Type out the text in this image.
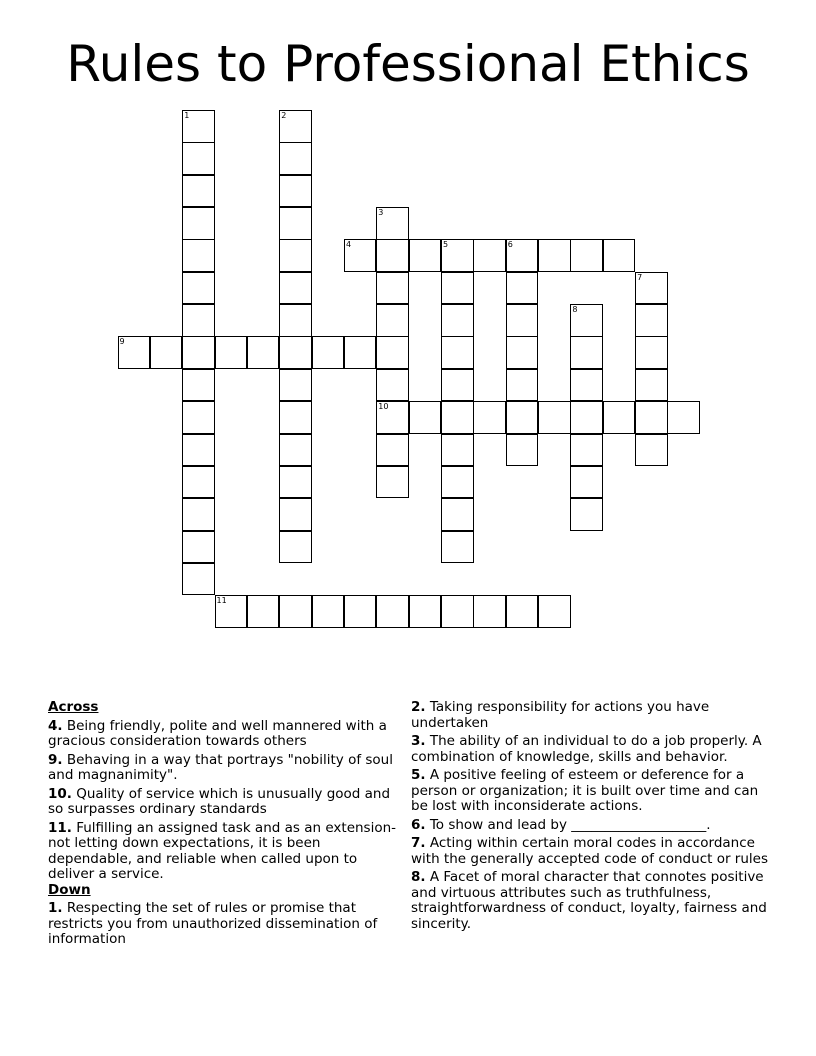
Rules to Professional Ethics
1	2
3
10
4	5	6
7
8
9
11
Across
4. Being friendly, polite and well mannered with a gracious consideration towards others
9. Behaving in a way that portrays "nobility of soul and magnanimity".
10. Quality of service which is unusually good and so surpasses ordinary standards
11. Fulfilling an assigned task and as an extension-not letting down expectations, it is been dependable, and reliable when called upon to deliver a service.
Down
1. Respecting the set of rules or promise that restricts you from unauthorized dissemination of information
2. Taking responsibility for actions you have undertaken
3. The ability of an individual to do a job properly. A combination of knowledge, skills and behavior.
5. A positive feeling of esteem or deference for a person or organization; it is built over time and can be lost with inconsiderate actions.
6. To show and lead by ____________________.
7. Acting within certain moral codes in accordance with the generally accepted code of conduct or rules
8. A Facet of moral character that connotes positive and virtuous attributes such as truthfulness, straightforwardness of conduct, loyalty, fairness and sincerity.
